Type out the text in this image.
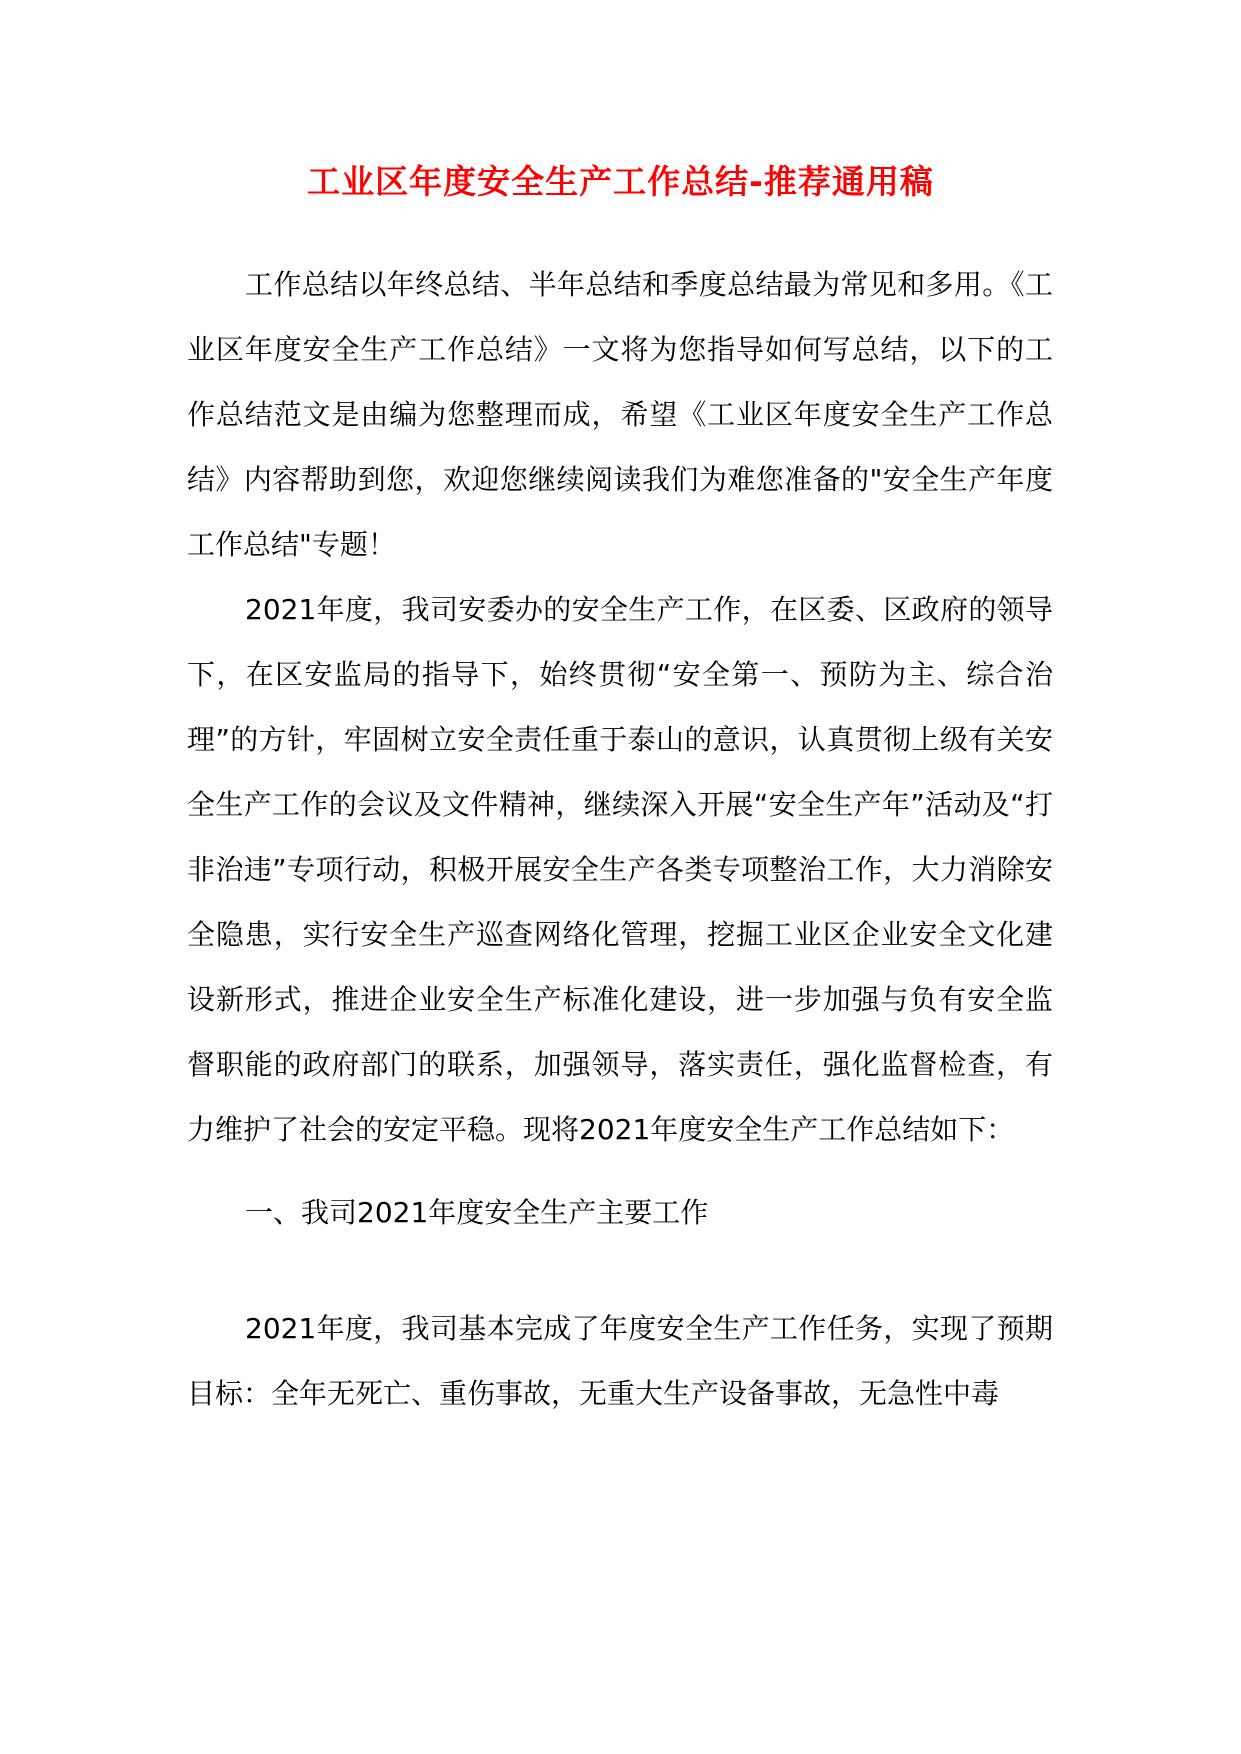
工业区年度安全生产工作总结-推荐通用稿

工作总结以年终总结、半年总结和季度总结最为常见和多用。《工业区年度安全生产工作总结》一文将为您指导如何写总结，以下的工作总结范文是由编为您整理而成，希望《工业区年度安全生产工作总结》内容帮助到您，欢迎您继续阅读我们为难您准备的"安全生产年度工作总结"专题！

2021年度，我司安委办的安全生产工作，在区委、区政府的领导下，在区安监局的指导下，始终贯彻“安全第一、预防为主、综合治理”的方针，牢固树立安全责任重于泰山的意识，认真贯彻上级有关安全生产工作的会议及文件精神，继续深入开展“安全生产年”活动及“打非治违”专项行动，积极开展安全生产各类专项整治工作，大力消除安全隐患，实行安全生产巡查网络化管理，挖掘工业区企业安全文化建设新形式，推进企业安全生产标准化建设，进一步加强与负有安全监督职能的政府部门的联系，加强领导，落实责任，强化监督检查，有力维护了社会的安定平稳。现将2021年度安全生产工作总结如下：

一、我司2021年度安全生产主要工作

2021年度，我司基本完成了年度安全生产工作任务，实现了预期目标：全年无死亡、重伤事故，无重大生产设备事故，无急性中毒
